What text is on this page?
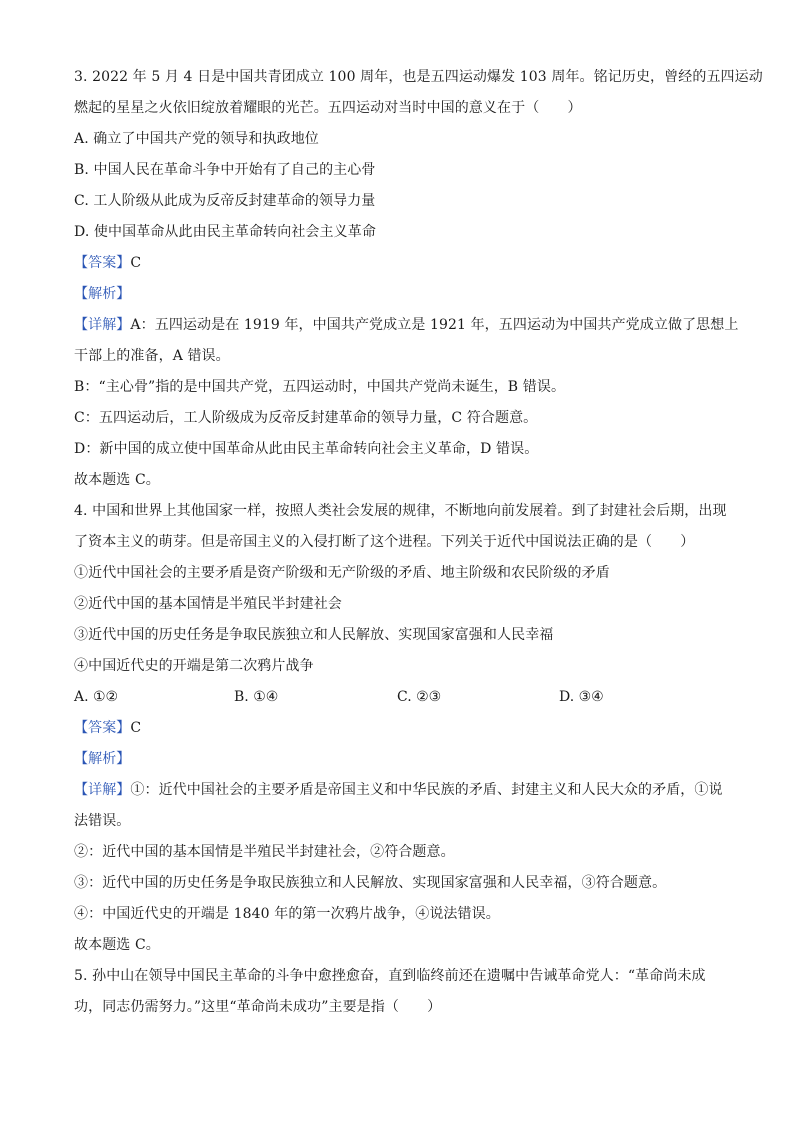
3. 2022 年 5 月 4 日是中国共青团成立 100 周年，也是五四运动爆发 103 周年。铭记历史，曾经的五四运动
燃起的星星之火依旧绽放着耀眼的光芒。五四运动对当时中国的意义在于（　　）
A. 确立了中国共产党的领导和执政地位
B. 中国人民在革命斗争中开始有了自己的主心骨
C. 工人阶级从此成为反帝反封建革命的领导力量
D. 使中国革命从此由民主革命转向社会主义革命
【答案】C
【解析】
【详解】A：五四运动是在 1919 年，中国共产党成立是 1921 年，五四运动为中国共产党成立做了思想上
干部上的准备，A 错误。
B：“主心骨”指的是中国共产党，五四运动时，中国共产党尚未诞生，B 错误。
C：五四运动后，工人阶级成为反帝反封建革命的领导力量，C 符合题意。
D：新中国的成立使中国革命从此由民主革命转向社会主义革命，D 错误。
故本题选 C。
4. 中国和世界上其他国家一样，按照人类社会发展的规律，不断地向前发展着。到了封建社会后期，出现
了资本主义的萌芽。但是帝国主义的入侵打断了这个进程。下列关于近代中国说法正确的是（　　）
①近代中国社会的主要矛盾是资产阶级和无产阶级的矛盾、地主阶级和农民阶级的矛盾
②近代中国的基本国情是半殖民半封建社会
③近代中国的历史任务是争取民族独立和人民解放、实现国家富强和人民幸福
④中国近代史的开端是第二次鸦片战争
A. ①②	B. ①④	C. ②③	D. ③④
【答案】C
【解析】
【详解】①：近代中国社会的主要矛盾是帝国主义和中华民族的矛盾、封建主义和人民大众的矛盾，①说
法错误。
②：近代中国的基本国情是半殖民半封建社会，②符合题意。
③：近代中国的历史任务是争取民族独立和人民解放、实现国家富强和人民幸福，③符合题意。
④：中国近代史的开端是 1840 年的第一次鸦片战争，④说法错误。
故本题选 C。
5. 孙中山在领导中国民主革命的斗争中愈挫愈奋，直到临终前还在遗嘱中告诫革命党人：“革命尚未成
功，同志仍需努力。”这里“革命尚未成功”主要是指（　　）
